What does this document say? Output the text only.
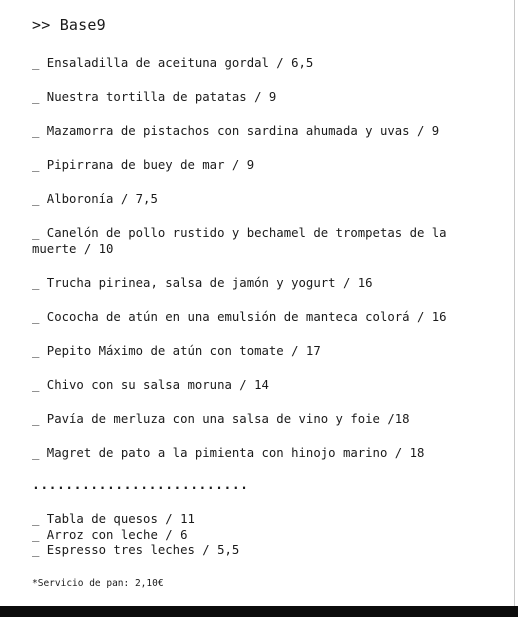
>> Base9
_ Ensaladilla de aceituna gordal / 6,5
_ Nuestra tortilla de patatas / 9
_ Mazamorra de pistachos con sardina ahumada y uvas / 9
_ Pipirrana de buey de mar / 9
_ Alboronía / 7,5
_ Canelón de pollo rustido y bechamel de trompetas de la muerte / 10
_ Trucha pirinea, salsa de jamón y yogurt / 16
_ Cococha de atún en una emulsión de manteca colorá / 16
_ Pepito Máximo de atún con tomate / 17
_ Chivo con su salsa moruna / 14
_ Pavía de merluza con una salsa de vino y foie /18
_ Magret de pato a la pimienta con hinojo marino / 18
..........................
_ Tabla de quesos / 11
_ Arroz con leche / 6
_ Espresso tres leches / 5,5
*Servicio de pan: 2,10€
